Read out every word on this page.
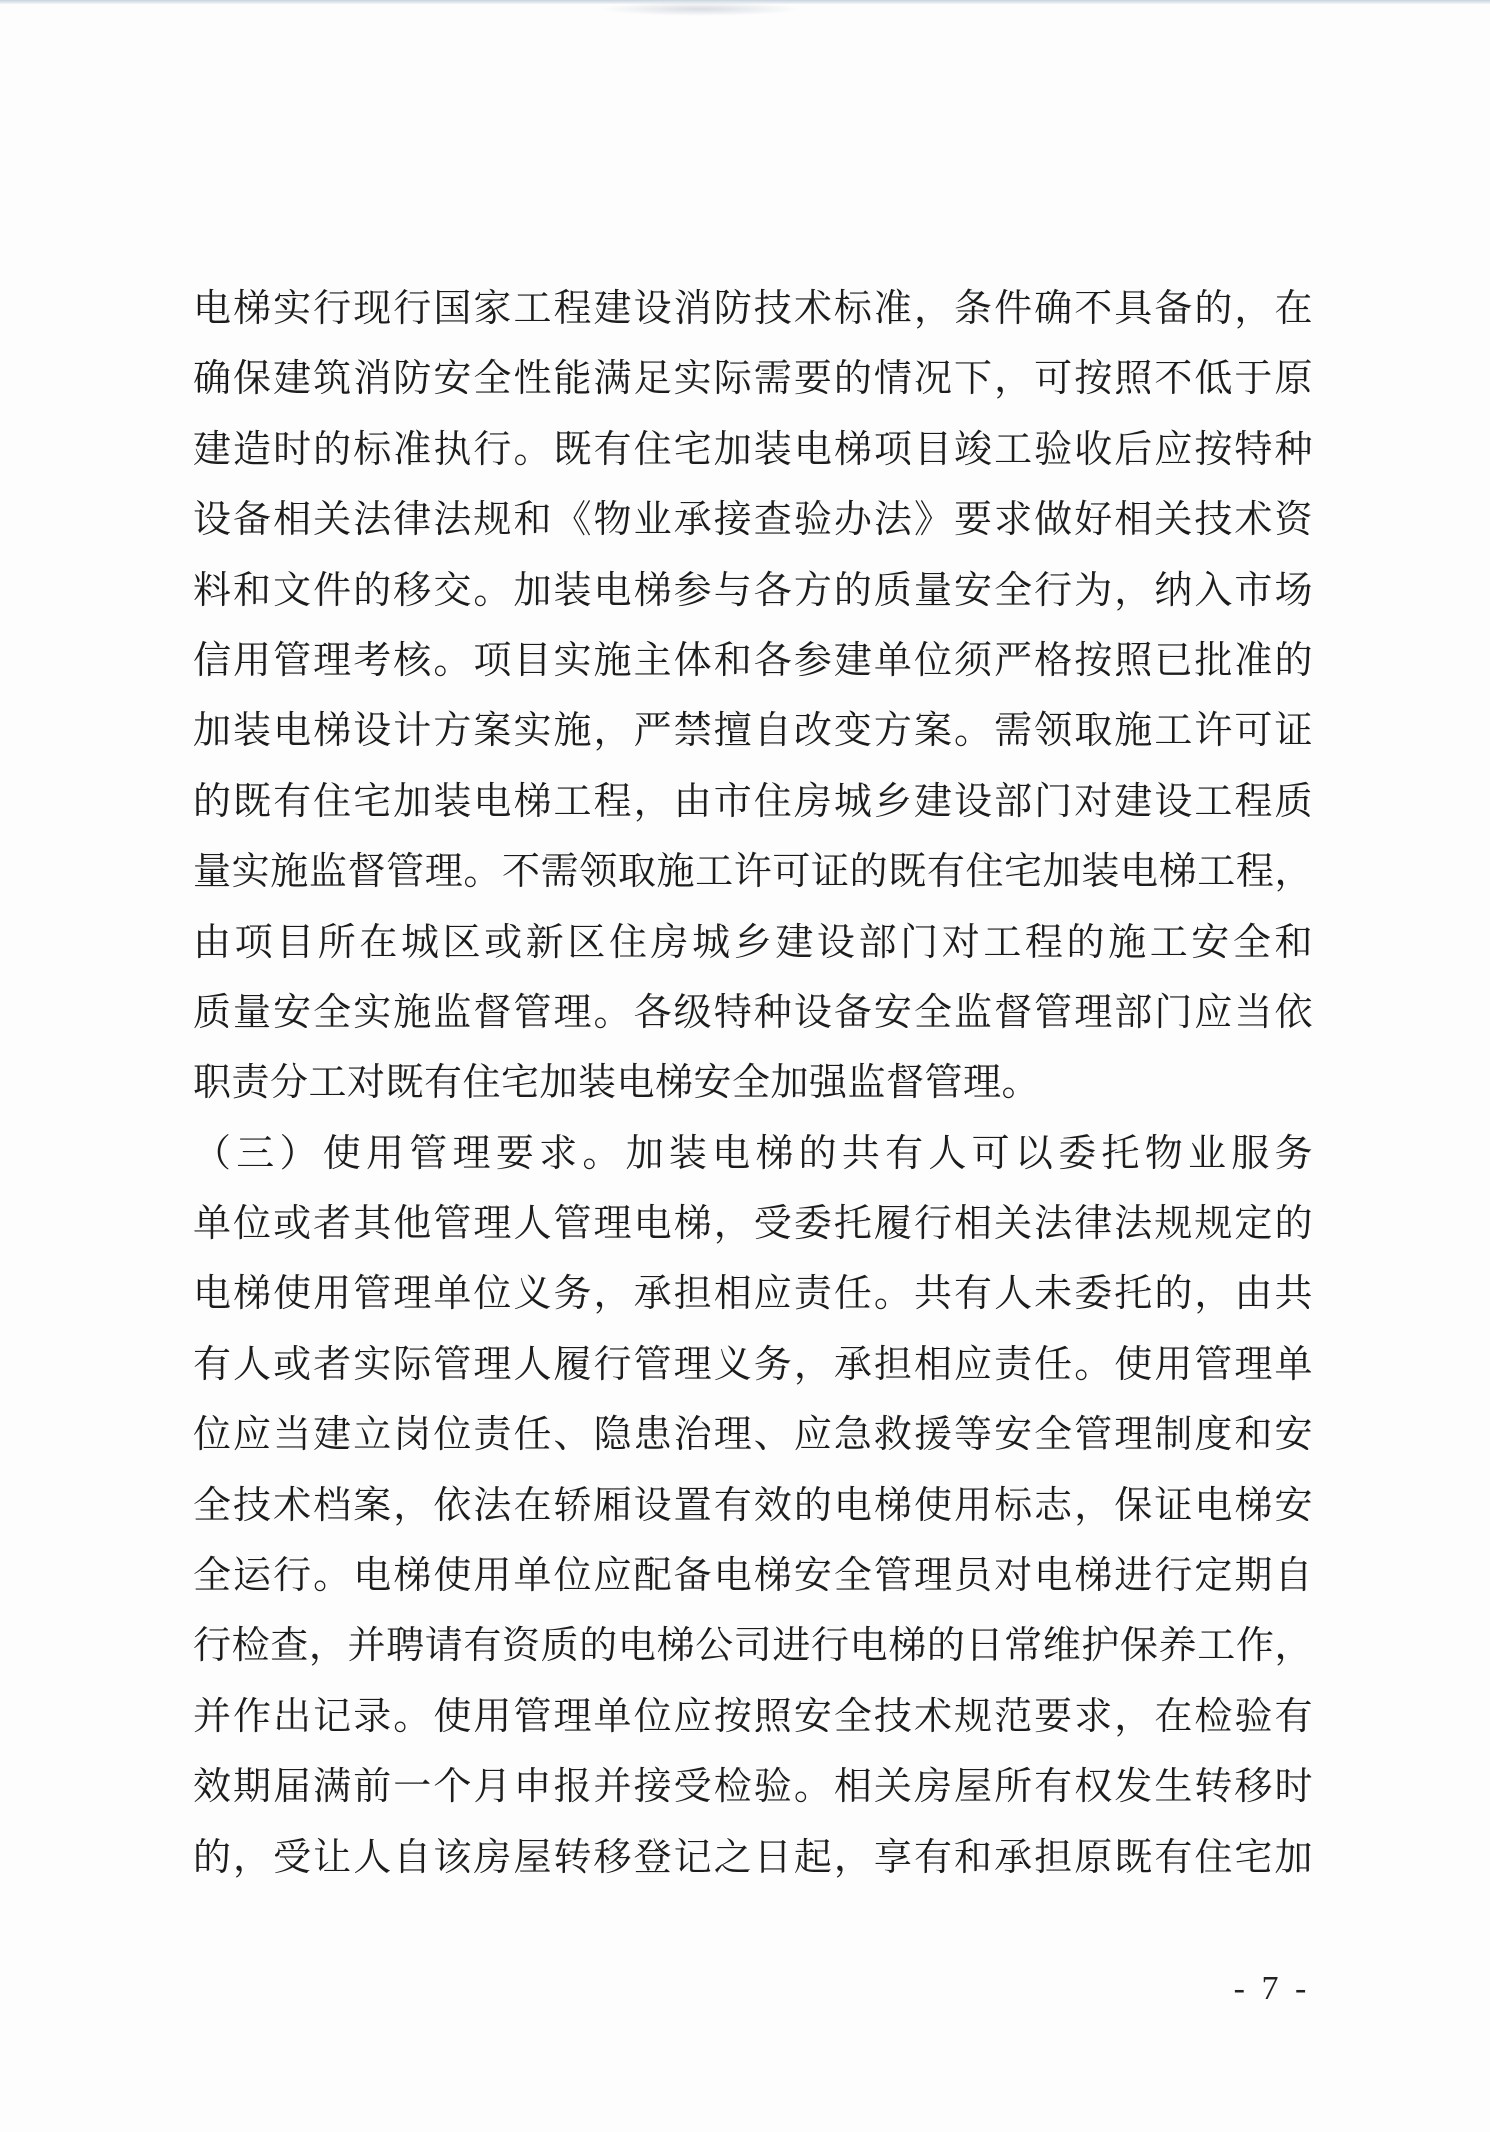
电梯实行现行国家工程建设消防技术标准，条件确不具备的，在
确保建筑消防安全性能满足实际需要的情况下，可按照不低于原
建造时的标准执行。既有住宅加装电梯项目竣工验收后应按特种
设备相关法律法规和《物业承接查验办法》要求做好相关技术资
料和文件的移交。加装电梯参与各方的质量安全行为，纳入市场
信用管理考核。项目实施主体和各参建单位须严格按照已批准的
加装电梯设计方案实施，严禁擅自改变方案。需领取施工许可证
的既有住宅加装电梯工程，由市住房城乡建设部门对建设工程质
量实施监督管理。不需领取施工许可证的既有住宅加装电梯工程，
由项目所在城区或新区住房城乡建设部门对工程的施工安全和
质量安全实施监督管理。各级特种设备安全监督管理部门应当依
职责分工对既有住宅加装电梯安全加强监督管理。
（三）使用管理要求。加装电梯的共有人可以委托物业服务
单位或者其他管理人管理电梯，受委托履行相关法律法规规定的
电梯使用管理单位义务，承担相应责任。共有人未委托的，由共
有人或者实际管理人履行管理义务，承担相应责任。使用管理单
位应当建立岗位责任、隐患治理、应急救援等安全管理制度和安
全技术档案，依法在轿厢设置有效的电梯使用标志，保证电梯安
全运行。电梯使用单位应配备电梯安全管理员对电梯进行定期自
行检查，并聘请有资质的电梯公司进行电梯的日常维护保养工作，
并作出记录。使用管理单位应按照安全技术规范要求，在检验有
效期届满前一个月申报并接受检验。相关房屋所有权发生转移时
的，受让人自该房屋转移登记之日起，享有和承担原既有住宅加
- 7 -
